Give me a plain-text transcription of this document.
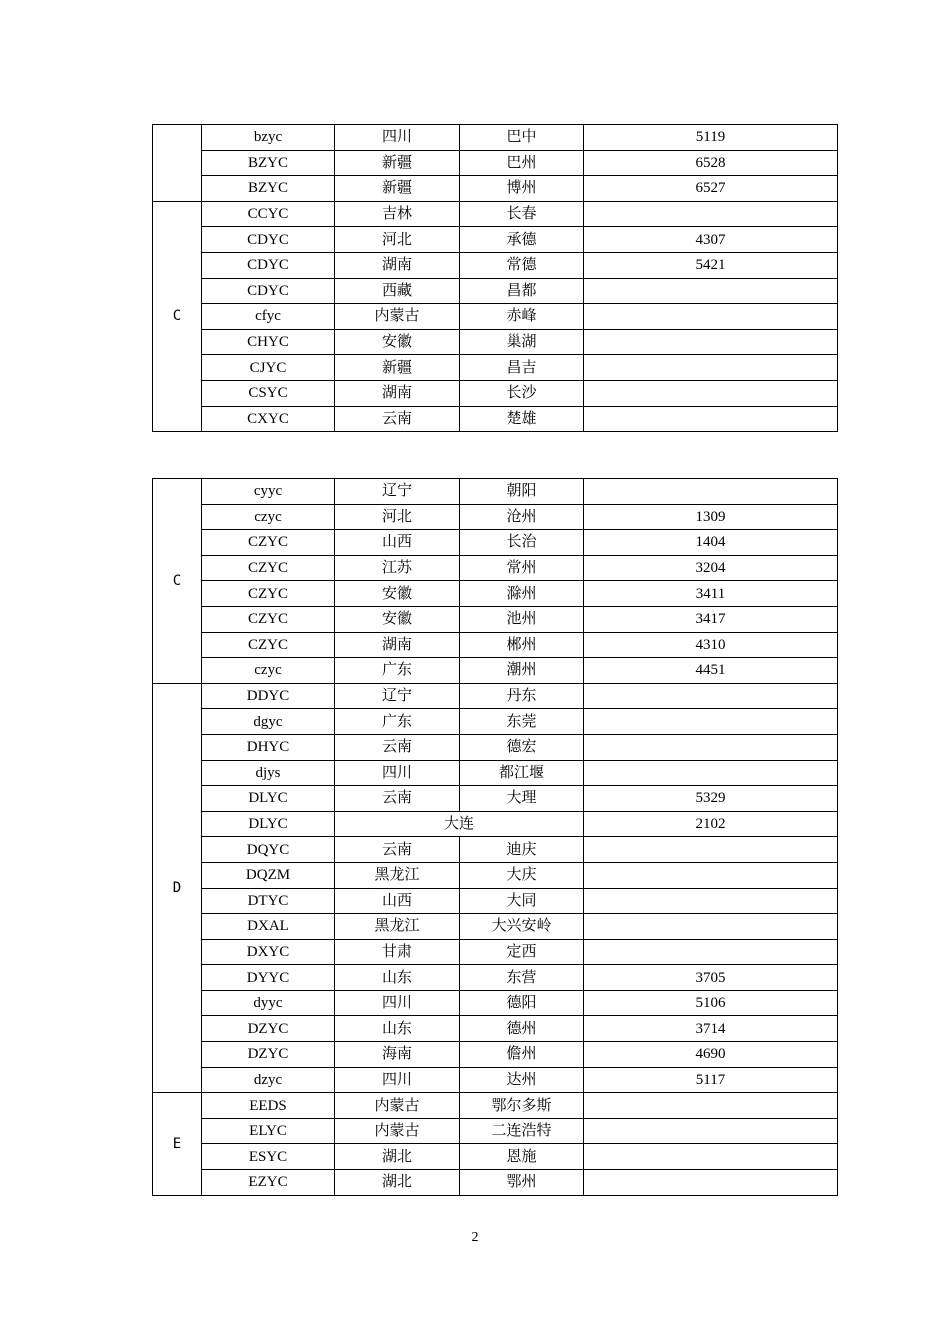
	bzyc	四川	巴中	5119
	BZYC	新疆	巴州	6528
	BZYC	新疆	博州	6527
C	CCYC	吉林	长春	
	CDYC	河北	承德	4307
	CDYC	湖南	常德	5421
	CDYC	西藏	昌都	
	cfyc	内蒙古	赤峰	
	CHYC	安徽	巢湖	
	CJYC	新疆	昌吉	
	CSYC	湖南	长沙	
	CXYC	云南	楚雄	
C	cyyc	辽宁	朝阳	
	czyc	河北	沧州	1309
	CZYC	山西	长治	1404
	CZYC	江苏	常州	3204
	CZYC	安徽	滁州	3411
	CZYC	安徽	池州	3417
	CZYC	湖南	郴州	4310
	czyc	广东	潮州	4451
D	DDYC	辽宁	丹东	
	dgyc	广东	东莞	
	DHYC	云南	德宏	
	djys	四川	都江堰	
	DLYC	云南	大理	5329
	DLYC	大连		2102
	DQYC	云南	迪庆	
	DQZM	黑龙江	大庆	
	DTYC	山西	大同	
	DXAL	黑龙江	大兴安岭	
	DXYC	甘肃	定西	
	DYYC	山东	东营	3705
	dyyc	四川	德阳	5106
	DZYC	山东	德州	3714
	DZYC	海南	儋州	4690
	dzyc	四川	达州	5117
E	EEDS	内蒙古	鄂尔多斯	
	ELYC	内蒙古	二连浩特	
	ESYC	湖北	恩施	
	EZYC	湖北	鄂州	
2
